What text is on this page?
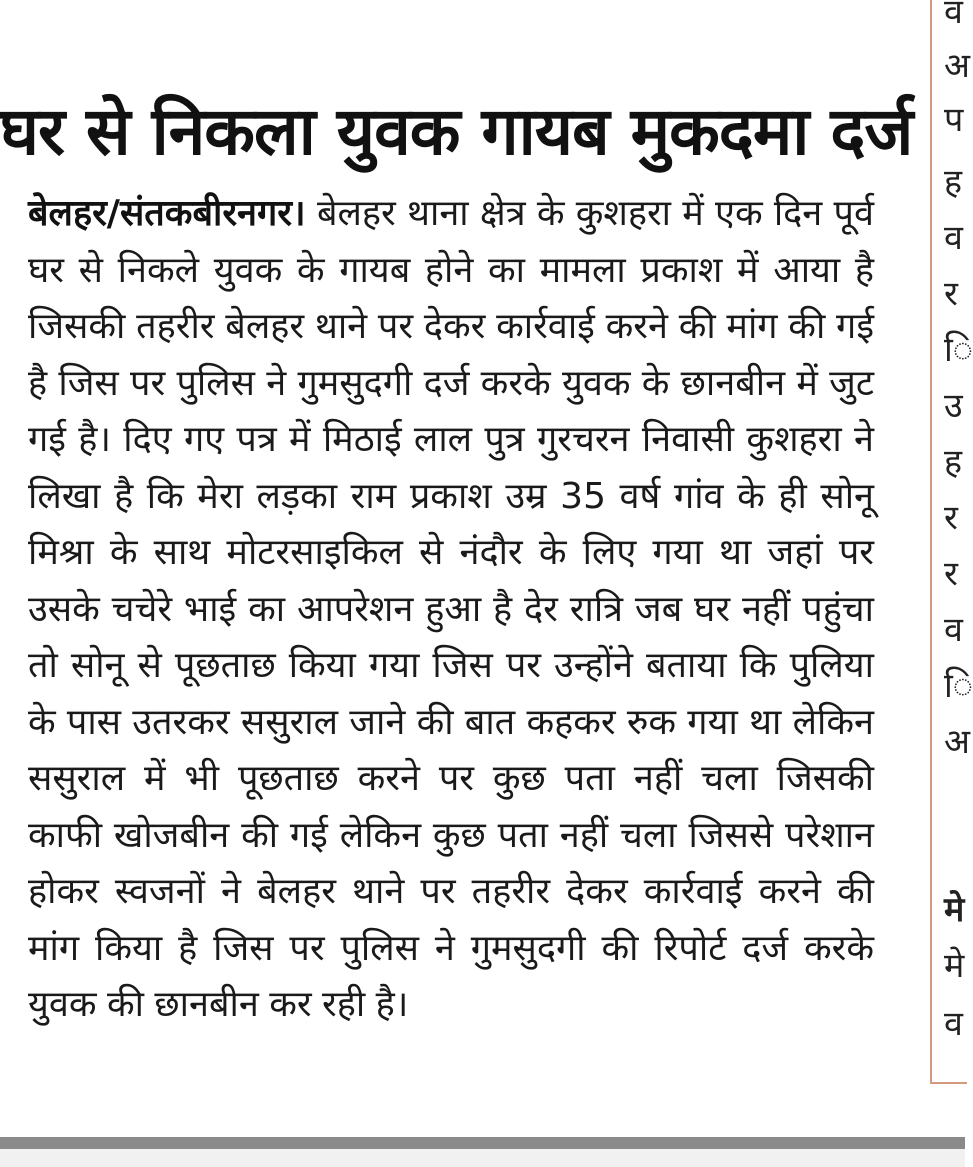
घर से निकला युवक गायब मुकदमा दर्ज

बेलहर/संतकबीरनगर। बेलहर थाना क्षेत्र के कुशहरा में एक दिन पूर्व घर से निकले युवक के गायब होने का मामला प्रकाश में आया है जिसकी तहरीर बेलहर थाने पर देकर कार्रवाई करने की मांग की गई है जिस पर पुलिस ने गुमसुदगी दर्ज करके युवक के छानबीन में जुट गई है। दिए गए पत्र में मिठाई लाल पुत्र गुरचरन निवासी कुशहरा ने लिखा है कि मेरा लड़का राम प्रकाश उम्र 35 वर्ष गांव के ही सोनू मिश्रा के साथ मोटरसाइकिल से नंदौर के लिए गया था जहां पर उसके चचेरे भाई का आपरेशन हुआ है देर रात्रि जब घर नहीं पहुंचा तो सोनू से पूछताछ किया गया जिस पर उन्होंने बताया कि पुलिया के पास उतरकर ससुराल जाने की बात कहकर रुक गया था लेकिन ससुराल में भी पूछताछ करने पर कुछ पता नहीं चला जिसकी काफी खोजबीन की गई लेकिन कुछ पता नहीं चला जिससे परेशान होकर स्वजनों ने बेलहर थाने पर तहरीर देकर कार्रवाई करने की मांग किया है जिस पर पुलिस ने गुमसुदगी की रिपोर्ट दर्ज करके युवक की छानबीन कर रही है।

व
अ
प
ह
व
र
ि
उ
ह
र
र
व
ि
अ
मे
मे
व
